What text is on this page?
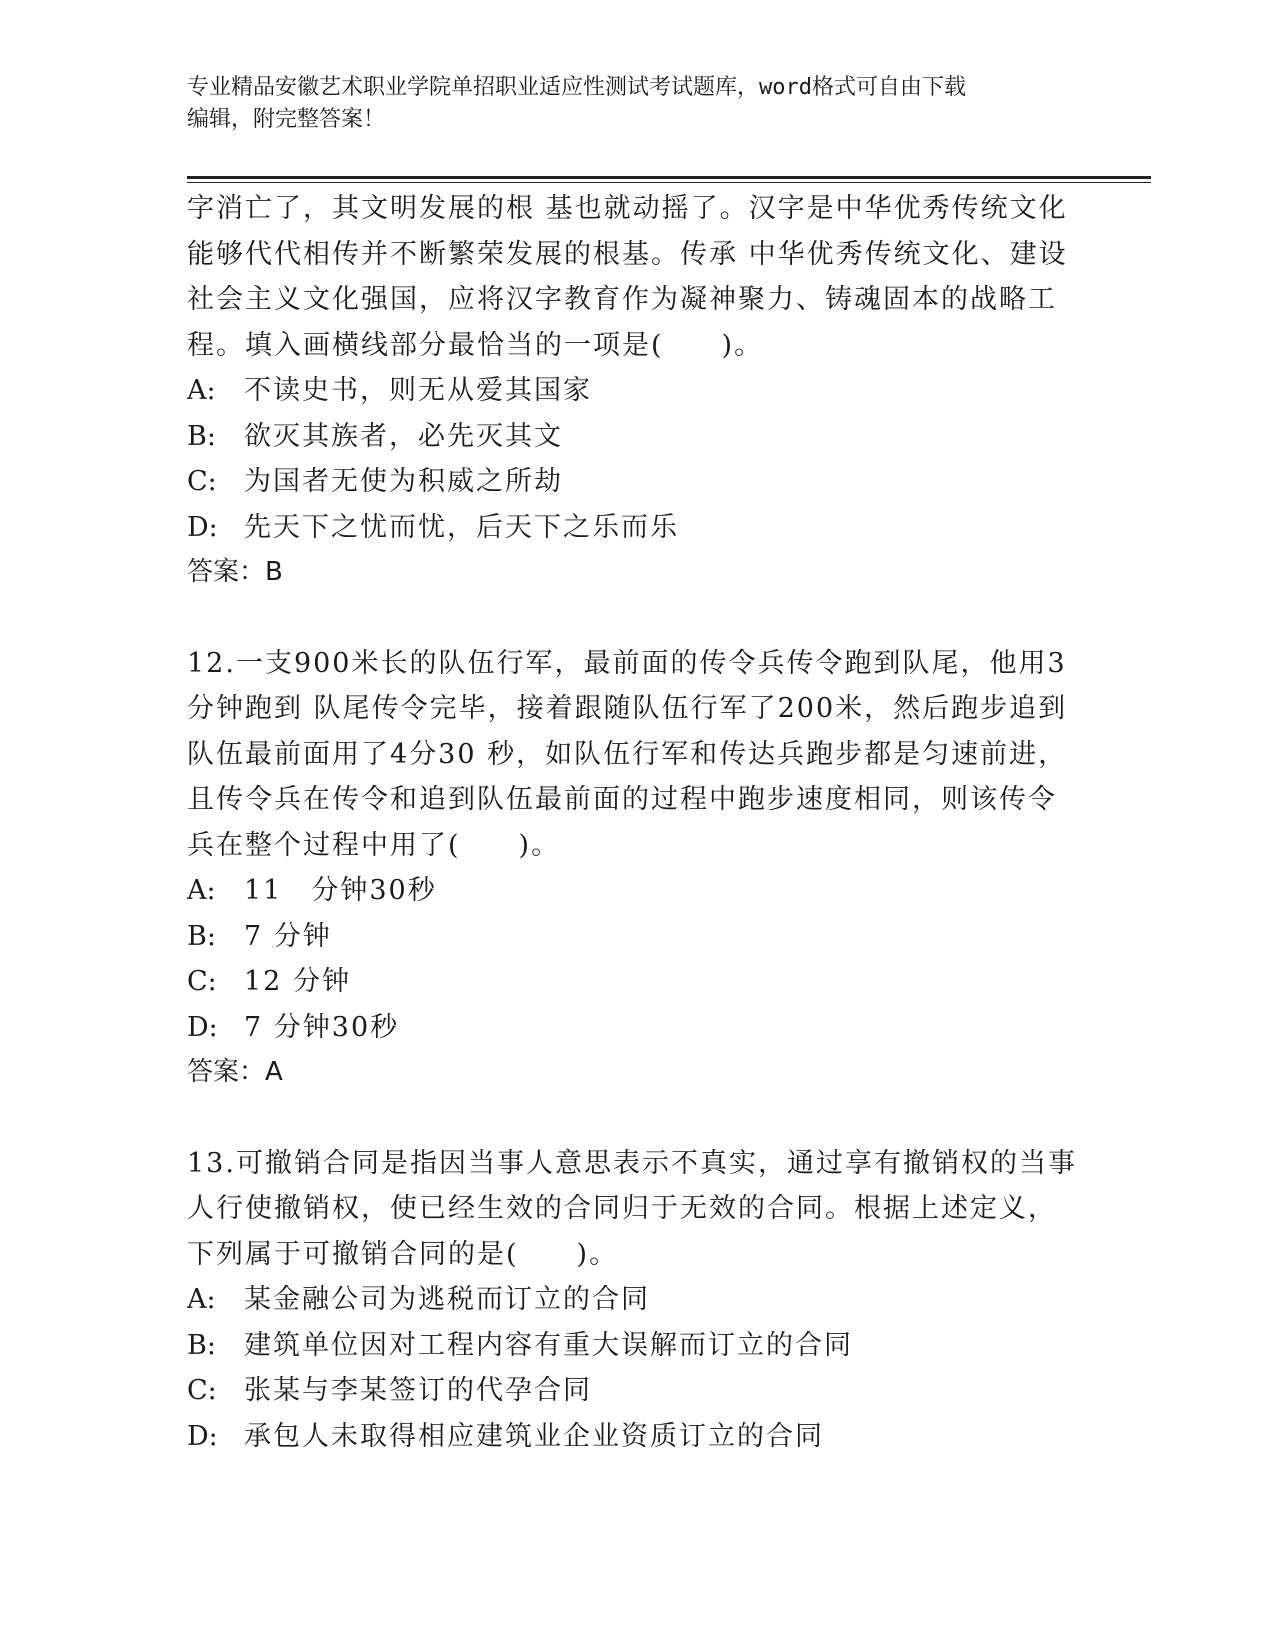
专业精品安徽艺术职业学院单招职业适应性测试考试题库，word格式可自由下载
编辑，附完整答案！
字消亡了，其文明发展的根 基也就动摇了。汉字是中华优秀传统文化
能够代代相传并不断繁荣发展的根基。传承 中华优秀传统文化、建设
社会主义文化强国，应将汉字教育作为凝神聚力、铸魂固本的战略工
程。填入画横线部分最恰当的一项是(　　)。
A:	不读史书，则无从爱其国家
B:	欲灭其族者，必先灭其文
C:	为国者无使为积威之所劫
D: 先天下之忧而忧，后天下之乐而乐
答案：B
12.一支900米长的队伍行军，最前面的传令兵传令跑到队尾，他用3
分钟跑到 队尾传令完毕，接着跟随队伍行军了200米，然后跑步追到
队伍最前面用了4分30 秒，如队伍行军和传达兵跑步都是匀速前进，
且传令兵在传令和追到队伍最前面的过程中跑步速度相同，则该传令
兵在整个过程中用了(　　)。
A:	11　分钟30秒
B:	7 分钟
C:	12 分钟
D: 7 分钟30秒
答案：A
13.可撤销合同是指因当事人意思表示不真实，通过享有撤销权的当事
人行使撤销权，使已经生效的合同归于无效的合同。根据上述定义，
下列属于可撤销合同的是(　　)。
A:	某金融公司为逃税而订立的合同
B:	建筑单位因对工程内容有重大误解而订立的合同
C:	张某与李某签订的代孕合同
D: 承包人未取得相应建筑业企业资质订立的合同
